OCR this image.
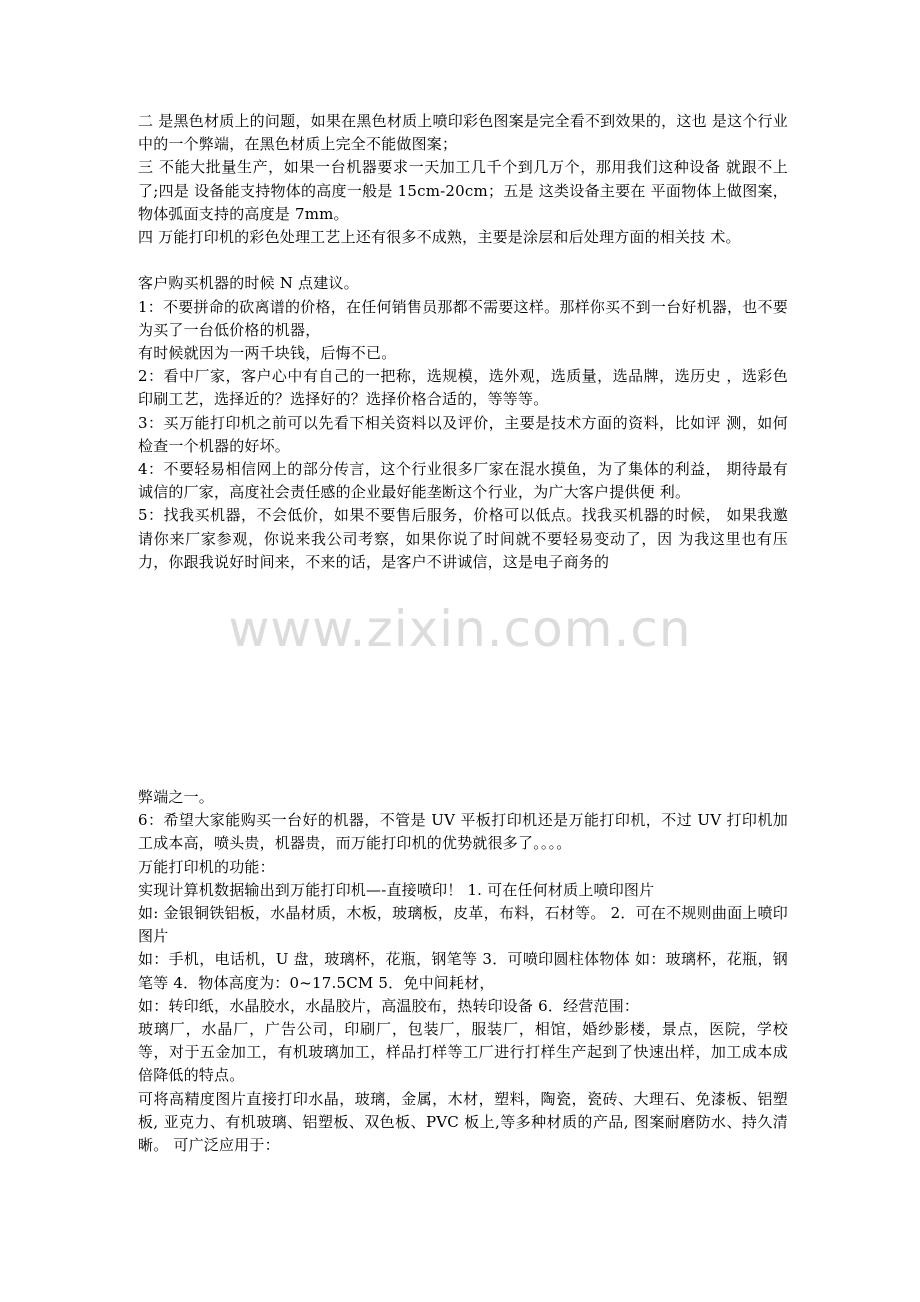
二 是黑色材质上的问题，如果在黑色材质上喷印彩色图案是完全看不到效果的，这也 是这个行业中的一个弊端，在黑色材质上完全不能做图案；

三 不能大批量生产，如果一台机器要求一天加工几千个到几万个，那用我们这种设备 就跟不上了;四是 设备能支持物体的高度一般是 15cm-20cm；五是 这类设备主要在 平面物体上做图案，物体弧面支持的高度是 7mm。

四 万能打印机的彩色处理工艺上还有很多不成熟，主要是涂层和后处理方面的相关技 术。

客户购买机器的时候 N 点建议。

1：不要拼命的砍离谱的价格，在任何销售员那都不需要这样。那样你买不到一台好机器，也不要为买了一台低价格的机器，

有时候就因为一两千块钱，后悔不已。

2：看中厂家，客户心中有自己的一把称，选规模，选外观，选质量，选品牌，选历史 ，选彩色印刷工艺，选择近的？选择好的？选择价格合适的，等等等。

3：买万能打印机之前可以先看下相关资料以及评价，主要是技术方面的资料，比如评 测，如何检查一个机器的好坏。

4：不要轻易相信网上的部分传言，这个行业很多厂家在混水摸鱼，为了集体的利益， 期待最有诚信的厂家，高度社会责任感的企业最好能垄断这个行业，为广大客户提供便 利。

5：找我买机器，不会低价，如果不要售后服务，价格可以低点。找我买机器的时候， 如果我邀请你来厂家参观，你说来我公司考察，如果你说了时间就不要轻易变动了，因 为我这里也有压力，你跟我说好时间来，不来的话，是客户不讲诚信，这是电子商务的

www.zixin.com.cn

弊端之一。

6：希望大家能购买一台好的机器，不管是 UV 平板打印机还是万能打印机，不过 UV 打印机加工成本高，喷头贵，机器贵，而万能打印机的优势就很多了。。。。

万能打印机的功能：

实现计算机数据输出到万能打印机—-直接喷印！ 1. 可在任何材质上喷印图片

如: 金银铜铁铝板，水晶材质，木板，玻璃板，皮革，布料，石材等。 2．可在不规则曲面上喷印图片

如：手机，电话机，U 盘，玻璃杯，花瓶，钢笔等 3．可喷印圆柱体物体 如：玻璃杯，花瓶，钢笔等 4．物体高度为：0~17.5CM 5．免中间耗材，

如：转印纸，水晶胶水，水晶胶片，高温胶布，热转印设备 6．经营范围：

玻璃厂，水晶厂，广告公司，印刷厂，包装厂，服装厂，相馆，婚纱影楼，景点，医院，学校等，对于五金加工，有机玻璃加工，样品打样等工厂进行打样生产起到了快速出样，加工成本成倍降低的特点。

可将高精度图片直接打印水晶，玻璃，金属，木材，塑料，陶瓷，瓷砖、大理石、免漆板、铝塑板, 亚克力、有机玻璃、铝塑板、双色板、PVC 板上,等多种材质的产品, 图案耐磨防水、持久清晰。 可广泛应用于：
